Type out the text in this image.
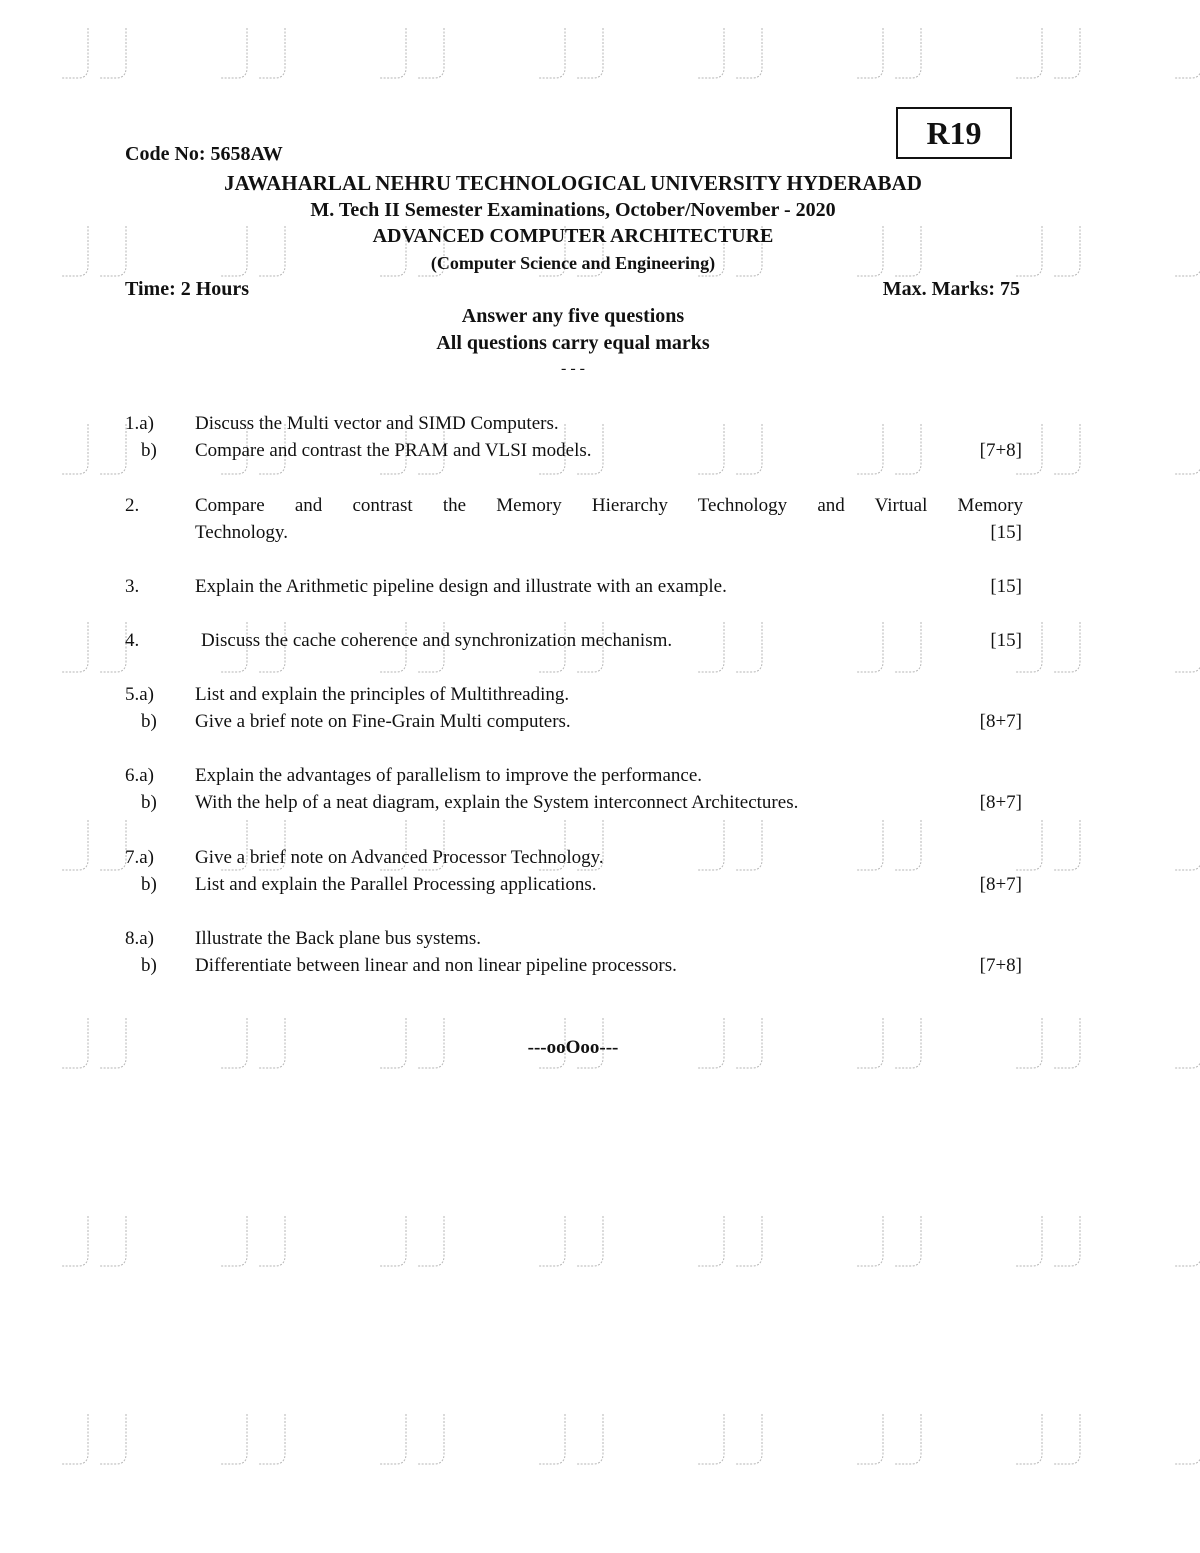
R19
Code No: 5658AW
JAWAHARLAL NEHRU TECHNOLOGICAL UNIVERSITY HYDERABAD
M. Tech II Semester Examinations, October/November - 2020
ADVANCED COMPUTER ARCHITECTURE
(Computer Science and Engineering)
Time: 2 Hours	Max. Marks: 75
Answer any five questions
All questions carry equal marks
- - -
1.a) Discuss the Multi vector and SIMD Computers.
b) Compare and contrast the PRAM and VLSI models.	[7+8]
2.	Compare and contrast the Memory Hierarchy Technology and Virtual Memory
Technology.	[15]
3.	Explain the Arithmetic pipeline design and illustrate with an example.	[15]
4.	Discuss the cache coherence and synchronization mechanism.	[15]
5.a) List and explain the principles of Multithreading.
b) Give a brief note on Fine-Grain Multi computers.	[8+7]
6.a) Explain the advantages of parallelism to improve the performance.
b) With the help of a neat diagram, explain the System interconnect Architectures.	[8+7]
7.a) Give a brief note on Advanced Processor Technology.
b) List and explain the Parallel Processing applications.	[8+7]
8.a) Illustrate the Back plane bus systems.
b) Differentiate between linear and non linear pipeline processors.	[7+8]
---ooOoo---
